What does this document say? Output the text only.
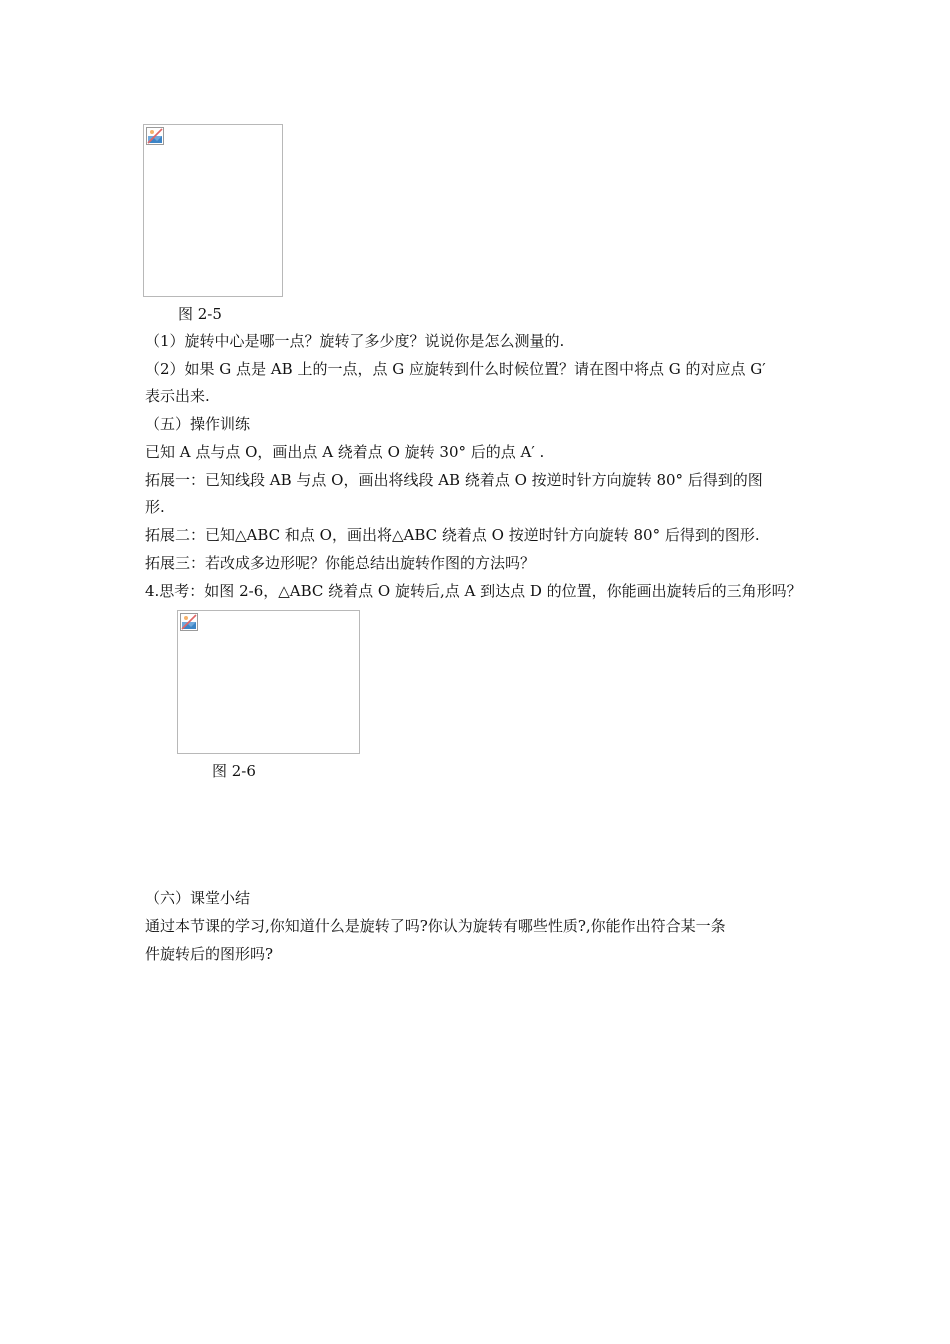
图 2-5
（1）旋转中心是哪一点？旋转了多少度？说说你是怎么测量的.
（2）如果 G 点是 AB 上的一点，点 G 应旋转到什么时候位置？请在图中将点 G 的对应点 G′
表示出来.
（五）操作训练
已知 A 点与点 O，画出点 A 绕着点 O 旋转 30° 后的点 A′ .
拓展一：已知线段 AB 与点 O，画出将线段 AB 绕着点 O 按逆时针方向旋转 80° 后得到的图
形.
拓展二：已知△ABC 和点 O，画出将△ABC 绕着点 O 按逆时针方向旋转 80° 后得到的图形.
拓展三：若改成多边形呢？你能总结出旋转作图的方法吗？
4.思考：如图 2-6，△ABC 绕着点 O 旋转后,点 A 到达点 D 的位置，你能画出旋转后的三角形吗？
图 2-6
（六）课堂小结
通过本节课的学习,你知道什么是旋转了吗?你认为旋转有哪些性质?,你能作出符合某一条
件旋转后的图形吗?
